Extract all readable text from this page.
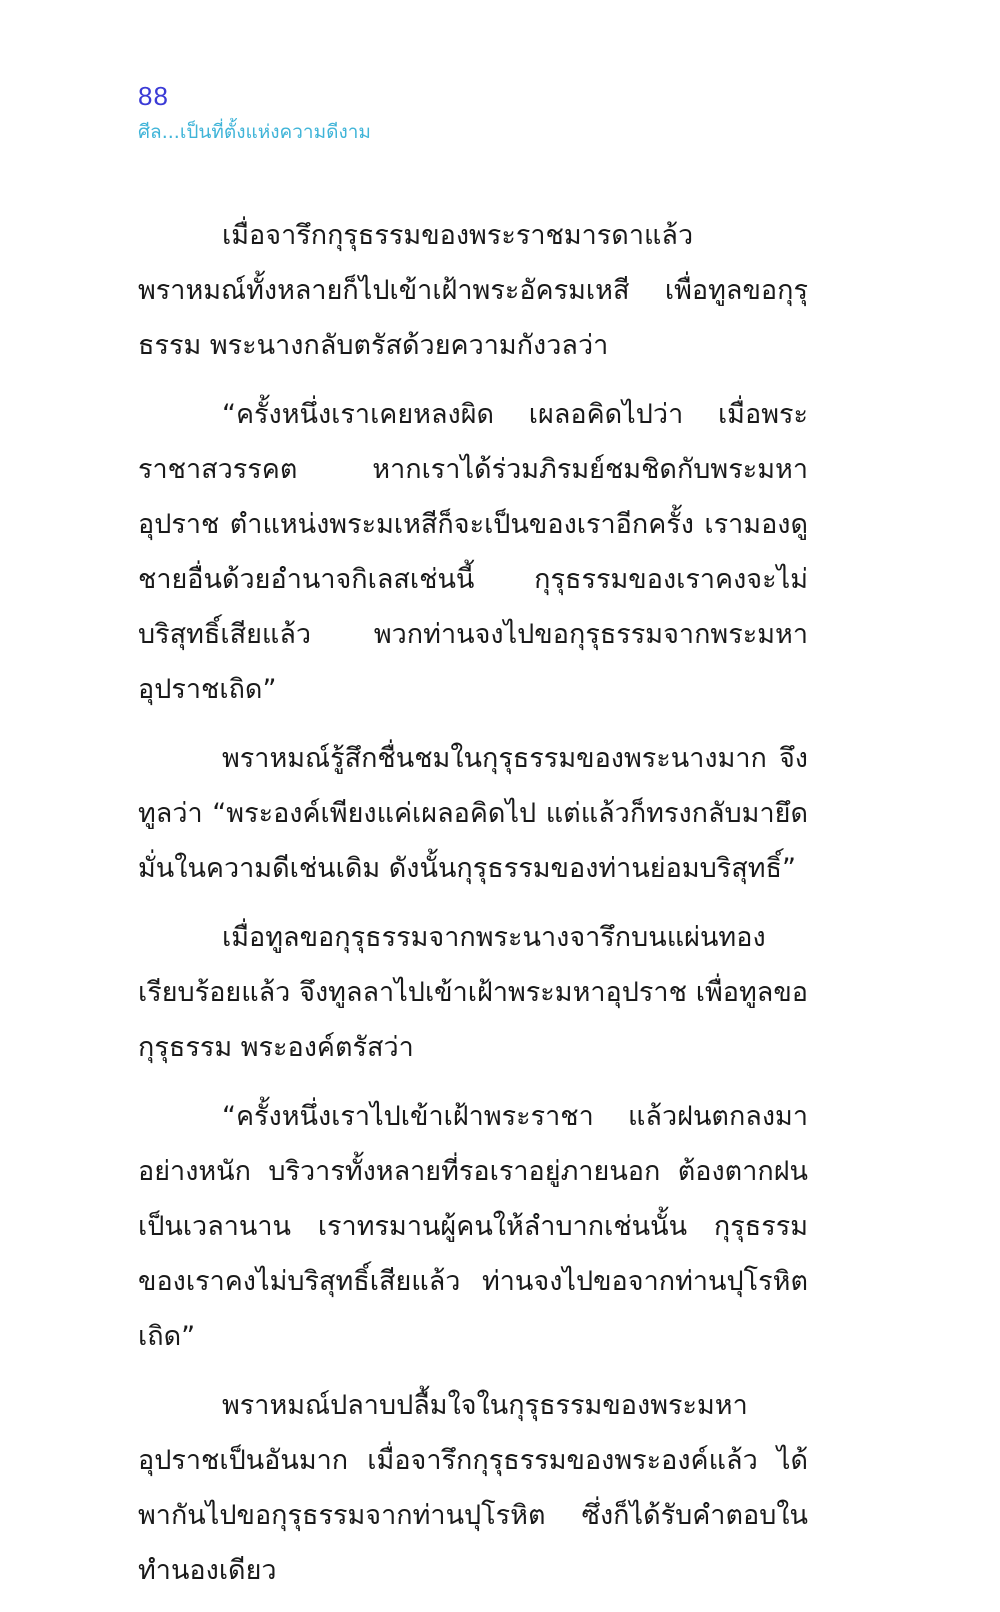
88
ศีล...เป็นที่ตั้งแห่งความดีงาม

เมื่อจารึกกุรุธรรมของพระราชมารดาแล้ว พราหมณ์ทั้งหลายก็ไปเข้าเฝ้าพระอัครมเหสี เพื่อทูลขอกุรุธรรม พระนางกลับตรัสด้วยความกังวลว่า

“ครั้งหนึ่งเราเคยหลงผิด เผลอคิดไปว่า เมื่อพระราชาสวรรคต หากเราได้ร่วมภิรมย์ชมชิดกับพระมหาอุปราช ตำแหน่งพระมเหสีก็จะเป็นของเราอีกครั้ง เรามองดูชายอื่นด้วยอำนาจกิเลสเช่นนี้ กุรุธรรมของเราคงจะไม่บริสุทธิ์เสียแล้ว พวกท่านจงไปขอกุรุธรรมจากพระมหาอุปราชเถิด”

พราหมณ์รู้สึกชื่นชมในกุรุธรรมของพระนางมาก จึงทูลว่า “พระองค์เพียงแค่เผลอคิดไป แต่แล้วก็ทรงกลับมายึดมั่นในความดีเช่นเดิม ดังนั้นกุรุธรรมของท่านย่อมบริสุทธิ์”

เมื่อทูลขอกุรุธรรมจากพระนางจารึกบนแผ่นทองเรียบร้อยแล้ว จึงทูลลาไปเข้าเฝ้าพระมหาอุปราช เพื่อทูลขอกุรุธรรม พระองค์ตรัสว่า

“ครั้งหนึ่งเราไปเข้าเฝ้าพระราชา แล้วฝนตกลงมาอย่างหนัก บริวารทั้งหลายที่รอเราอยู่ภายนอก ต้องตากฝนเป็นเวลานาน เราทรมานผู้คนให้ลำบากเช่นนั้น กุรุธรรมของเราคงไม่บริสุทธิ์เสียแล้ว ท่านจงไปขอจากท่านปุโรหิตเถิด”

พราหมณ์ปลาบปลื้มใจในกุรุธรรมของพระมหาอุปราชเป็นอันมาก เมื่อจารึกกุรุธรรมของพระองค์แล้ว ได้พากันไปขอกุรุธรรมจากท่านปุโรหิต ซึ่งก็ได้รับคำตอบในทำนองเดียว
